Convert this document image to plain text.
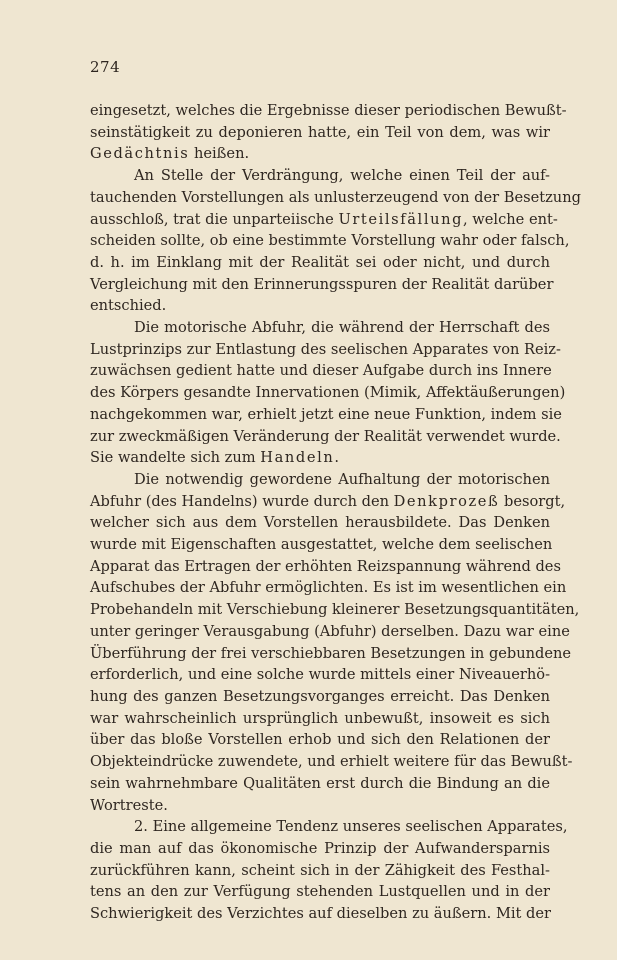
274
eingesetzt, welches die Ergebnisse dieser periodischen Bewußt-
seinstätigkeit zu deponieren hatte, ein Teil von dem, was wir
Gedächtnis heißen.
An Stelle der Verdrängung, welche einen Teil der auf-
tauchenden Vorstellungen als unlusterzeugend von der Besetzung
ausschloß, trat die unparteiische Urteilsfällung, welche ent-
scheiden sollte, ob eine bestimmte Vorstellung wahr oder falsch,
d. h. im Einklang mit der Realität sei oder nicht, und durch
Vergleichung mit den Erinnerungsspuren der Realität darüber
entschied.
Die motorische Abfuhr, die während der Herrschaft des
Lustprinzips zur Entlastung des seelischen Apparates von Reiz-
zuwächsen gedient hatte und dieser Aufgabe durch ins Innere
des Körpers gesandte Innervationen (Mimik, Affektäußerungen)
nachgekommen war, erhielt jetzt eine neue Funktion, indem sie
zur zweckmäßigen Veränderung der Realität verwendet wurde.
Sie wandelte sich zum Handeln.
Die notwendig gewordene Aufhaltung der motorischen
Abfuhr (des Handelns) wurde durch den Denkprozeß besorgt,
welcher sich aus dem Vorstellen herausbildete. Das Denken
wurde mit Eigenschaften ausgestattet, welche dem seelischen
Apparat das Ertragen der erhöhten Reizspannung während des
Aufschubes der Abfuhr ermöglichten. Es ist im wesentlichen ein
Probehandeln mit Verschiebung kleinerer Besetzungsquantitäten,
unter geringer Verausgabung (Abfuhr) derselben. Dazu war eine
Überführung der frei verschiebbaren Besetzungen in gebundene
erforderlich, und eine solche wurde mittels einer Niveauerhö-
hung des ganzen Besetzungsvorganges erreicht. Das Denken
war wahrscheinlich ursprünglich unbewußt, insoweit es sich
über das bloße Vorstellen erhob und sich den Relationen der
Objekteindrücke zuwendete, und erhielt weitere für das Bewußt-
sein wahrnehmbare Qualitäten erst durch die Bindung an die
Wortreste.
2. Eine allgemeine Tendenz unseres seelischen Apparates,
die man auf das ökonomische Prinzip der Aufwandersparnis
zurückführen kann, scheint sich in der Zähigkeit des Festhal-
tens an den zur Verfügung stehenden Lustquellen und in der
Schwierigkeit des Verzichtes auf dieselben zu äußern. Mit der
